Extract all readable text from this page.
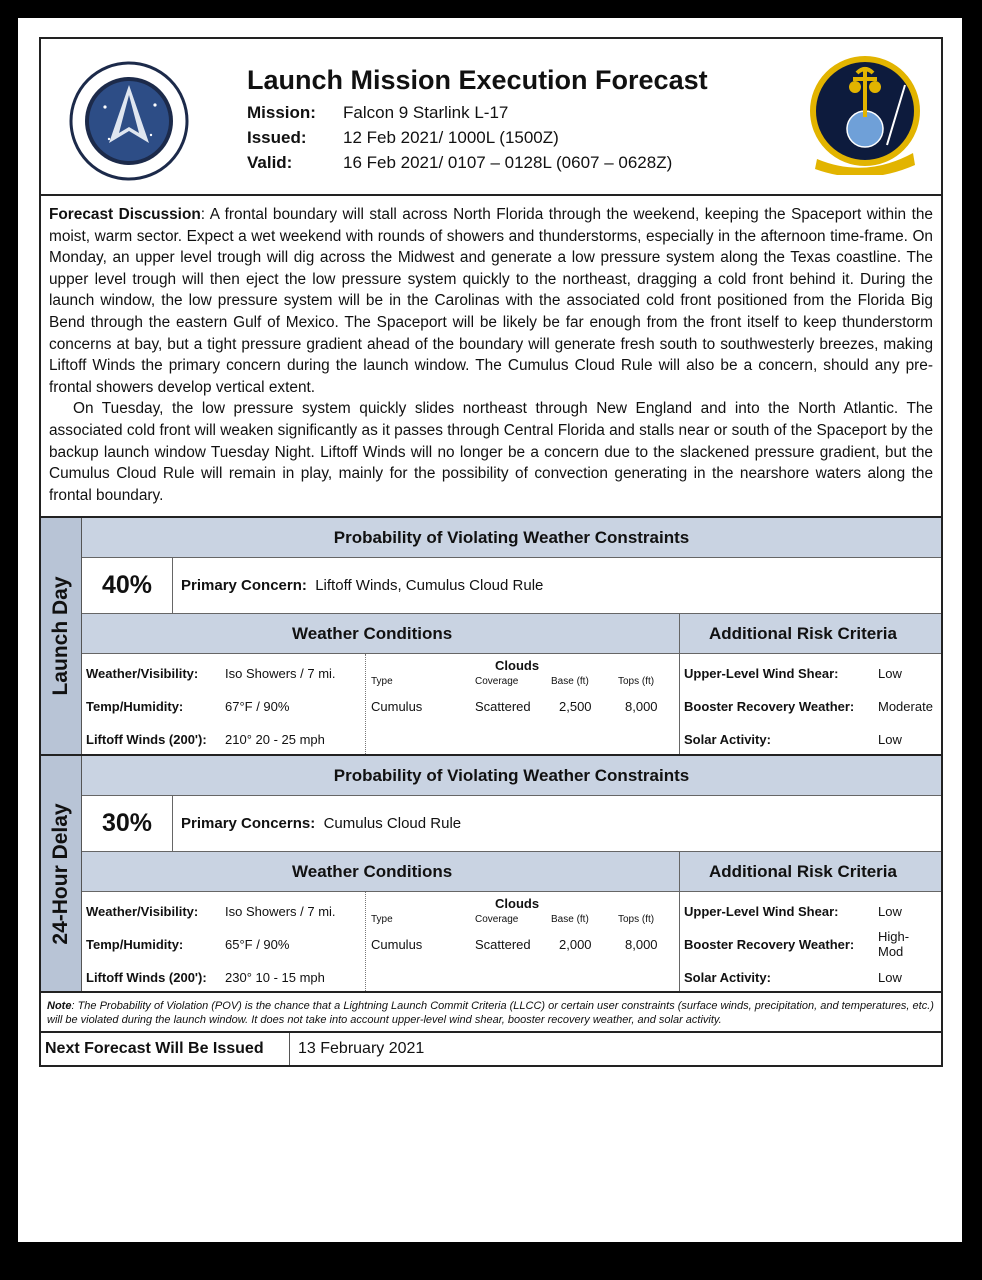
Launch Mission Execution Forecast
Mission: Falcon 9 Starlink L-17
Issued: 12 Feb 2021/ 1000L (1500Z)
Valid:	16 Feb 2021/ 0107 – 0128L (0607 – 0628Z)

Forecast Discussion: A frontal boundary will stall across North Florida through the weekend, keeping the Spaceport within the moist, warm sector. Expect a wet weekend with rounds of showers and thunderstorms, especially in the afternoon time-frame. On Monday, an upper level trough will dig across the Midwest and generate a low pressure system along the Texas coastline. The upper level trough will then eject the low pressure system quickly to the northeast, dragging a cold front behind it. During the launch window, the low pressure system will be in the Carolinas with the associated cold front positioned from the Florida Big Bend through the eastern Gulf of Mexico. The Spaceport will be likely be far enough from the front itself to keep thunderstorm concerns at bay, but a tight pressure gradient ahead of the boundary will generate fresh south to southwesterly breezes, making Liftoff Winds the primary concern during the launch window. The Cumulus Cloud Rule will also be a concern, should any pre-frontal showers develop vertical extent.

On Tuesday, the low pressure system quickly slides northeast through New England and into the North Atlantic. The associated cold front will weaken significantly as it passes through Central Florida and stalls near or south of the Spaceport by the backup launch window Tuesday Night. Liftoff Winds will no longer be a concern due to the slackened pressure gradient, but the Cumulus Cloud Rule will remain in play, mainly for the possibility of convection generating in the nearshore waters along the frontal boundary.

Launch Day
Probability of Violating Weather Constraints
40%	Primary Concern: Liftoff Winds, Cumulus Cloud Rule
Weather Conditions	Additional Risk Criteria
Weather/Visibility: Iso Showers / 7 mi.
Temp/Humidity:	67°F / 90%
Liftoff Winds (200'): 210° 20 - 25 mph
Clouds
Type	Coverage	Base (ft)	Tops (ft)
Cumulus	Scattered 2,500	8,000
Upper-Level Wind Shear:	Low
Booster Recovery Weather: Moderate
Solar Activity:	Low
24-Hour Delay
Probability of Violating Weather Constraints
30%	Primary Concerns: Cumulus Cloud Rule
Weather Conditions	Additional Risk Criteria
Weather/Visibility: Iso Showers / 7 mi.
Temp/Humidity:	65°F / 90%
Liftoff Winds (200'): 230° 10 - 15 mph
Clouds
Type	Coverage	Base (ft)	Tops (ft)
Cumulus	Scattered 2,000	8,000
Upper-Level Wind Shear:	Low
Booster Recovery Weather:
High-
Mod
Solar Activity:	Low
Note: The Probability of Violation (POV) is the chance that a Lightning Launch Commit Criteria (LLCC) or certain user constraints (surface winds, precipitation, and temperatures, etc.) will be violated during the launch window. It does not take into account upper-level wind shear, booster recovery weather, and solar activity.
Next Forecast Will Be Issued 13 February 2021
